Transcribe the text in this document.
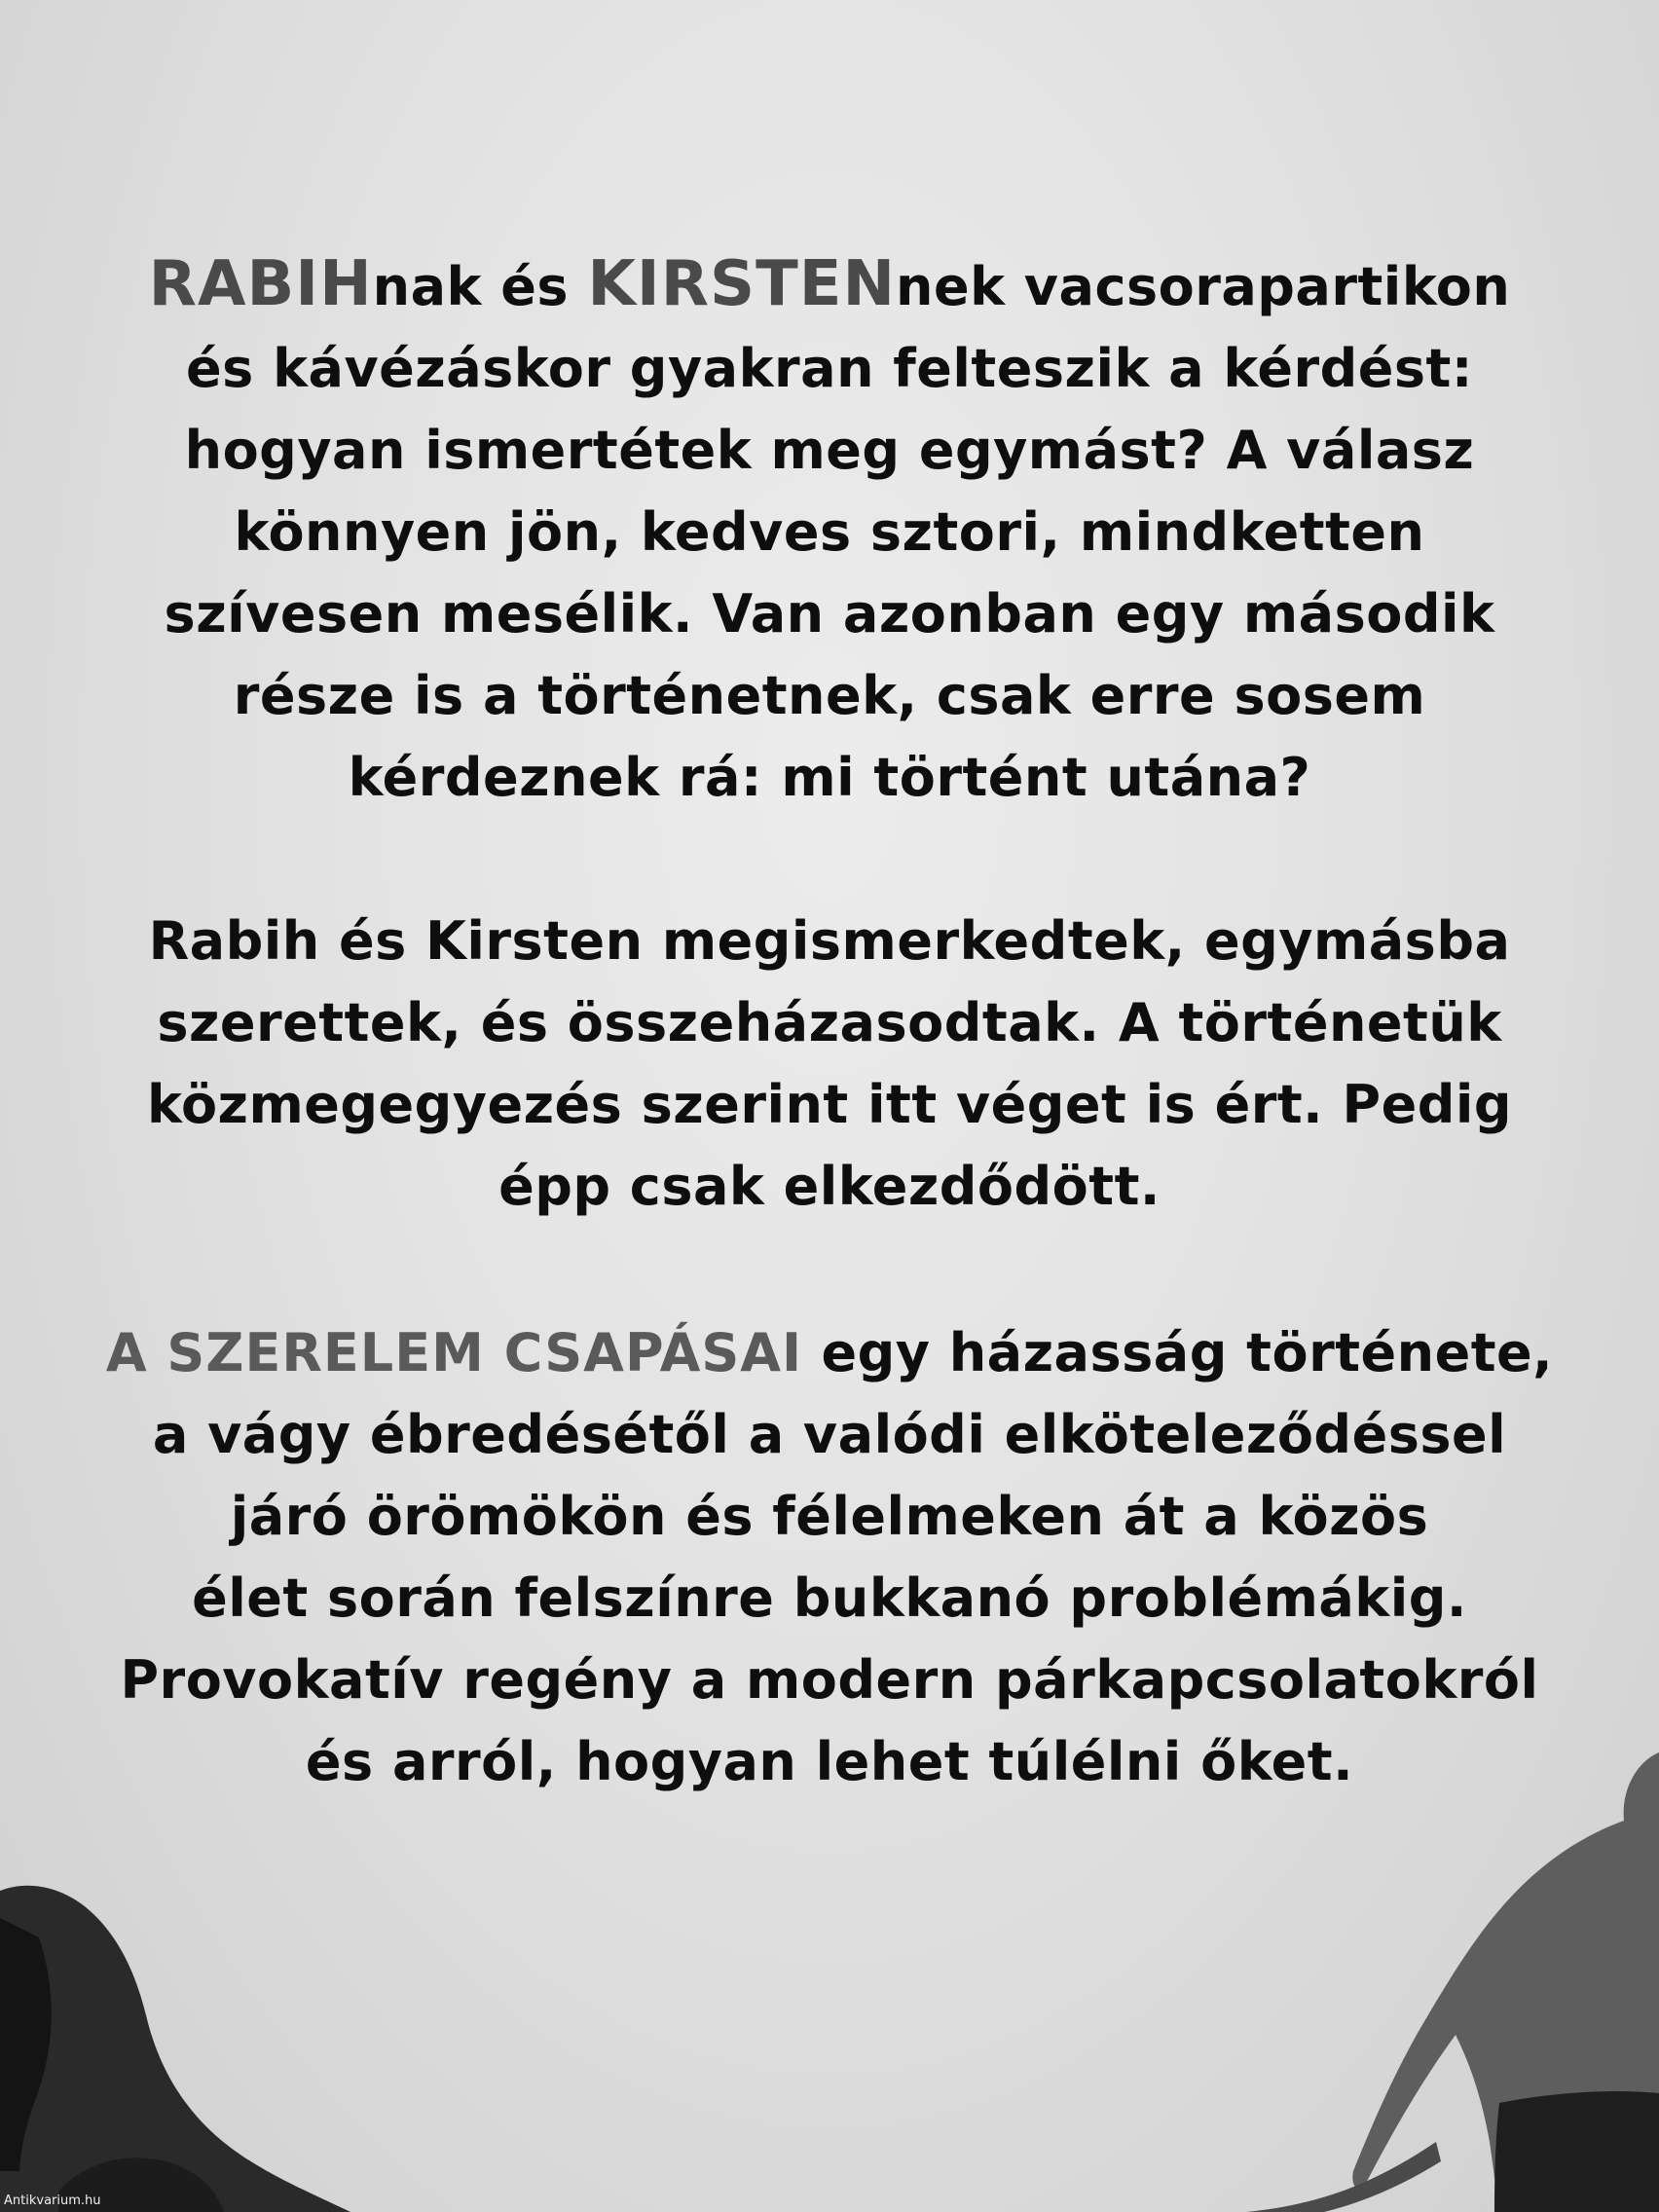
RABIHnak és KIRSTENnek vacsorapartikon
és kávézáskor gyakran felteszik a kérdést:
hogyan ismertétek meg egymást? A válasz
könnyen jön, kedves sztori, mindketten
szívesen mesélik. Van azonban egy második
része is a történetnek, csak erre sosem
kérdeznek rá: mi történt utána?
Rabih és Kirsten megismerkedtek, egymásba
szerettek, és összeházasodtak. A történetük
közmegegyezés szerint itt véget is ért. Pedig
épp csak elkezdődött.
A SZERELEM CSAPÁSAI egy házasság története,
a vágy ébredésétől a valódi elköteleződéssel
járó örömökön és félelmeken át a közös
élet során felszínre bukkanó problémákig.
Provokatív regény a modern párkapcsolatokról
és arról, hogyan lehet túlélni őket.
Antikvarium.hu
